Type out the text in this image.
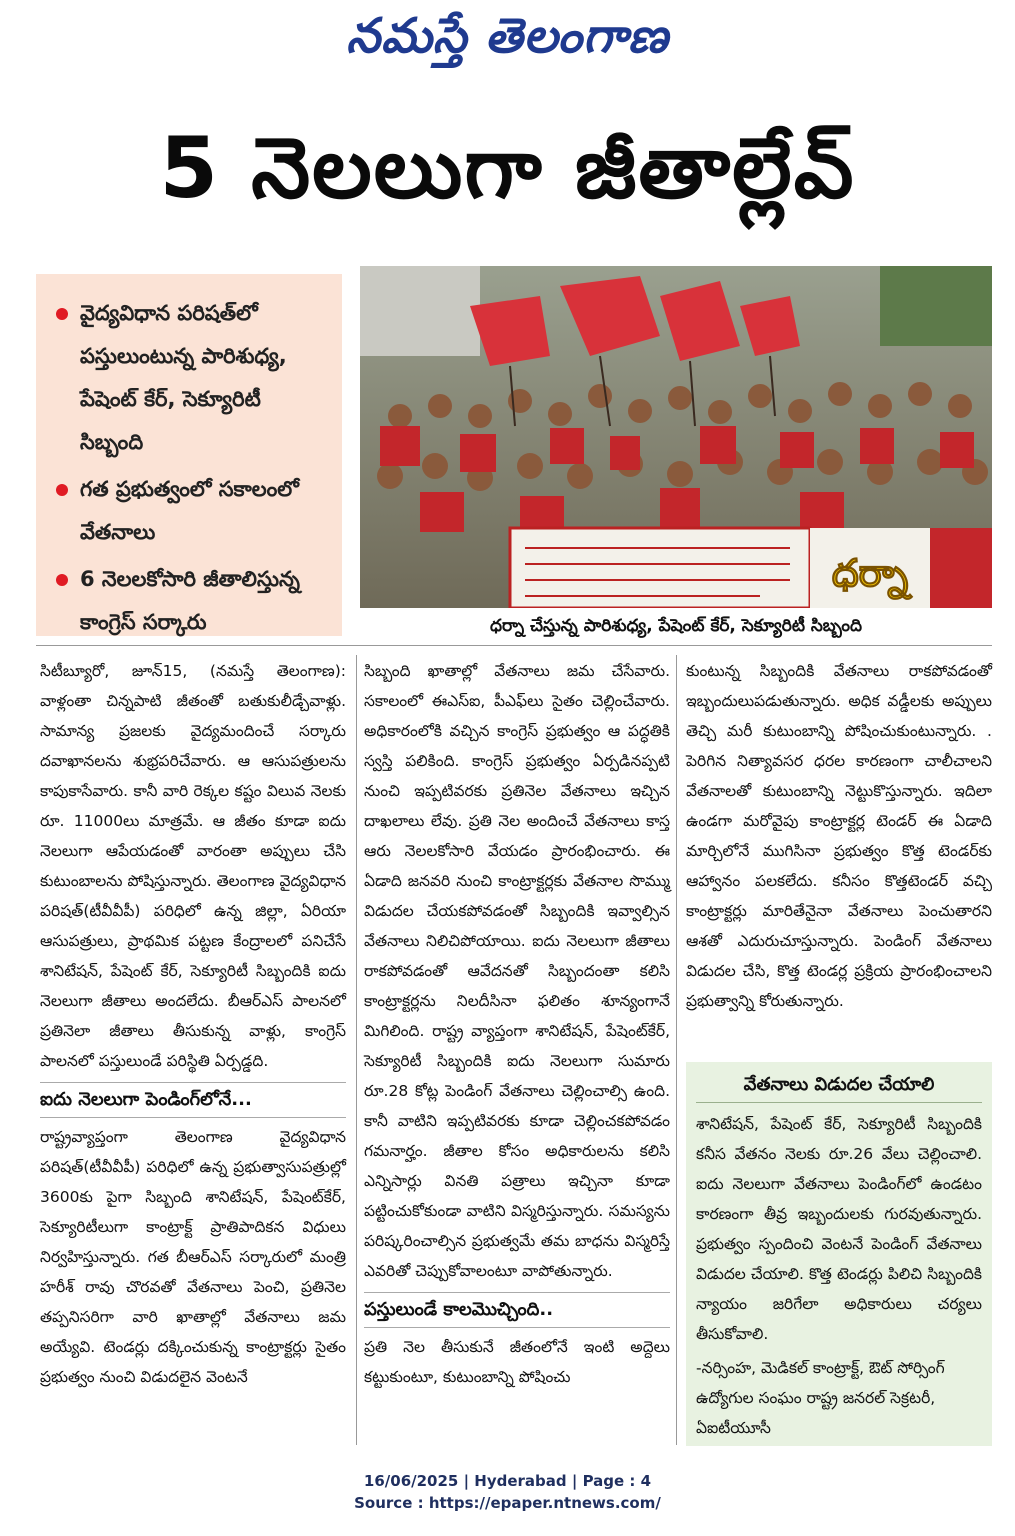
నమస్తే తెలంగాణ
5 నెలలుగా జీతాల్లేవ్
వైద్యవిధాన పరిషత్‌లో పస్తులుంటున్న పారిశుధ్య, పేషెంట్ కేర్, సెక్యూరిటీ సిబ్బంది
గత ప్రభుత్వంలో సకాలంలో వేతనాలు
6 నెలలకోసారి జీతాలిస్తున్న కాంగ్రెస్ సర్కారు
ధర్నా
ధర్నా చేస్తున్న పారిశుధ్య, పేషెంట్ కేర్, సెక్యూరిటీ సిబ్బంది

సిటీబ్యూరో, జూన్15, (నమస్తే తెలంగాణ): వాళ్లంతా చిన్నపాటి జీతంతో బతుకులీడ్చేవాళ్లు. సామాన్య ప్రజలకు వైద్యమందించే సర్కారు దవాఖానలను శుభ్రపరిచేవారు. ఆ ఆసుపత్రులను కాపుకాసేవారు. కానీ వారి రెక్కల కష్టం విలువ నెలకు రూ. 11000లు మాత్రమే. ఆ జీతం కూడా ఐదు నెలలుగా ఆపేయడంతో వారంతా అప్పులు చేసి కుటుంబాలను పోషిస్తున్నారు. తెలంగాణ వైద్యవిధాన పరిషత్(టీవీవీపీ) పరిధిలో ఉన్న జిల్లా, ఏరియా ఆసుపత్రులు, ప్రాథమిక పట్టణ కేంద్రాలలో పనిచేసే శానిటేషన్, పేషెంట్ కేర్, సెక్యూరిటీ సిబ్బందికి ఐదు నెలలుగా జీతాలు అందలేదు. బీఆర్ఎస్ పాలనలో ప్రతినెలా జీతాలు తీసుకున్న వాళ్లు, కాంగ్రెస్ పాలనలో పస్తులుండే పరిస్థితి ఏర్పడ్డది.

ఐదు నెలలుగా పెండింగ్‌లోనే...

రాష్ట్రవ్యాప్తంగా తెలంగాణ వైద్యవిధాన పరిషత్(టీవీవీపీ) పరిధిలో ఉన్న ప్రభుత్వాసుపత్రుల్లో 3600కు పైగా సిబ్బంది శానిటేషన్, పేషెంట్‌కేర్, సెక్యూరిటీలుగా కాంట్రాక్ట్ ప్రాతిపాదికన విధులు నిర్వహిస్తున్నారు. గత బీఆర్ఎస్ సర్కారులో మంత్రి హరీశ్ రావు చొరవతో వేతనాలు పెంచి, ప్రతినెల తప్పనిసరిగా వారి ఖాతాల్లో వేతనాలు జమ అయ్యేవి. టెండర్లు దక్కించుకున్న కాంట్రాక్టర్లు సైతం ప్రభుత్వం నుంచి విడుదలైన వెంటనే

సిబ్బంది ఖాతాల్లో వేతనాలు జమ చేసేవారు. సకాలంలో ఈఎస్ఐ, పీఎఫ్‌లు సైతం చెల్లించేవారు. అధికారంలోకి వచ్చిన కాంగ్రెస్ ప్రభుత్వం ఆ పద్ధతికి స్వస్తి పలికింది. కాంగ్రెస్ ప్రభుత్వం ఏర్పడినప్పటి నుంచి ఇప్పటివరకు ప్రతినెల వేతనాలు ఇచ్చిన దాఖలాలు లేవు. ప్రతి నెల అందించే వేతనాలు కాస్త ఆరు నెలలకోసారి వేయడం ప్రారంభించారు. ఈ ఏడాది జనవరి నుంచి కాంట్రాక్టర్లకు వేతనాల సొమ్ము విడుదల చేయకపోవడంతో సిబ్బందికి ఇవ్వాల్సిన వేతనాలు నిలిచిపోయాయి. ఐదు నెలలుగా జీతాలు రాకపోవడంతో ఆవేదనతో సిబ్బందంతా కలిసి కాంట్రాక్టర్లను నిలదీసినా ఫలితం శూన్యంగానే మిగిలింది. రాష్ట్ర వ్యాప్తంగా శానిటేషన్, పేషెంట్‌కేర్, సెక్యూరిటీ సిబ్బందికి ఐదు నెలలుగా సుమారు రూ.28 కోట్ల పెండింగ్ వేతనాలు చెల్లించాల్సి ఉంది. కానీ వాటిని ఇప్పటివరకు కూడా చెల్లించకపోవడం గమనార్హం. జీతాల కోసం అధికారులను కలిసి ఎన్నిసార్లు వినతి పత్రాలు ఇచ్చినా కూడా పట్టించుకోకుండా వాటిని విస్మరిస్తున్నారు. సమస్యను పరిష్కరించాల్సిన ప్రభుత్వమే తమ బాధను విస్మరిస్తే ఎవరితో చెప్పుకోవాలంటూ వాపోతున్నారు.

పస్తులుండే కాలమొచ్చింది..

ప్రతి నెల తీసుకునే జీతంలోనే ఇంటి అద్దెలు కట్టుకుంటూ, కుటుంబాన్ని పోషించు

కుంటున్న సిబ్బందికి వేతనాలు రాకపోవడంతో ఇబ్బందులుపడుతున్నారు. అధిక వడ్డీలకు అప్పులు తెచ్చి మరీ కుటుంబాన్ని పోషించుకుంటున్నారు. . పెరిగిన నిత్యావసర ధరల కారణంగా చాలీచాలని వేతనాలతో కుటుంబాన్ని నెట్టుకొస్తున్నారు. ఇదిలా ఉండగా మరోవైపు కాంట్రాక్టర్ల టెండర్ ఈ ఏడాది మార్చిలోనే ముగిసినా ప్రభుత్వం కొత్త టెండర్‌కు ఆహ్వానం పలకలేదు. కనీసం కొత్తటెండర్ వచ్చి కాంట్రాక్టర్లు మారితేనైనా వేతనాలు పెంచుతారని ఆశతో ఎదురుచూస్తున్నారు. పెండింగ్ వేతనాలు విడుదల చేసి, కొత్త టెండర్ల ప్రక్రియ ప్రారంభించాలని ప్రభుత్వాన్ని కోరుతున్నారు.

వేతనాలు విడుదల చేయాలి
శానిటేషన్, పేషెంట్ కేర్, సెక్యూరిటీ సిబ్బందికి కనీస వేతనం నెలకు రూ.26 వేలు చెల్లించాలి. ఐదు నెలలుగా వేతనాలు పెండింగ్‌లో ఉండటం కారణంగా తీవ్ర ఇబ్బందులకు గురవుతున్నారు. ప్రభుత్వం స్పందించి వెంటనే పెండింగ్ వేతనాలు విడుదల చేయాలి. కొత్త టెండర్లు పిలిచి సిబ్బందికి న్యాయం జరిగేలా అధికారులు చర్యలు తీసుకోవాలి.
-నర్సింహ, మెడికల్ కాంట్రాక్ట్, ఔట్ సోర్సింగ్ ఉద్యోగుల సంఘం రాష్ట్ర జనరల్ సెక్రటరీ, ఏఐటీయూసీ
16/06/2025 | Hyderabad | Page : 4
Source : https://epaper.ntnews.com/
